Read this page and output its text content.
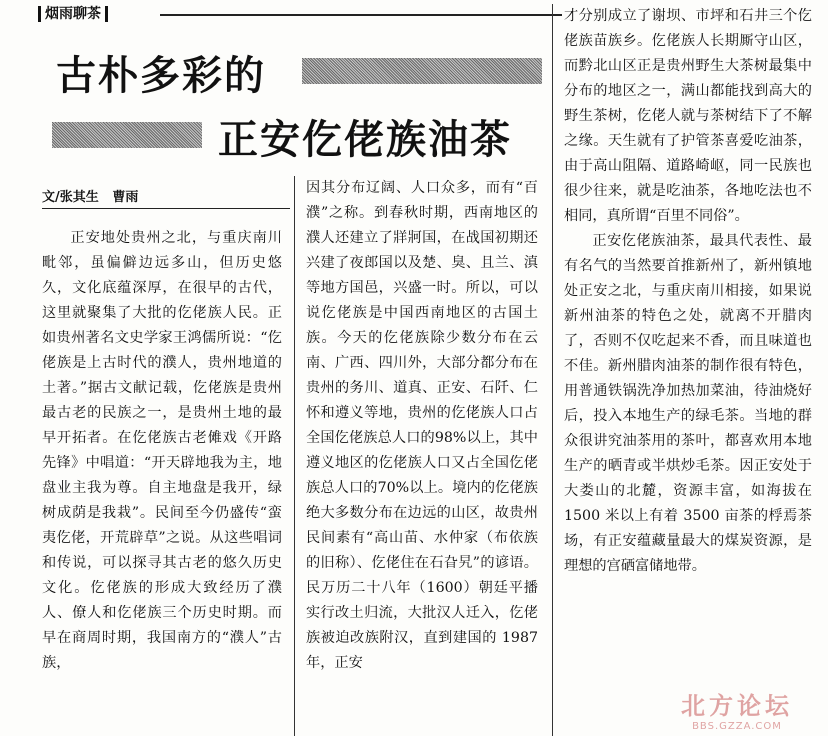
烟雨聊茶
古朴多彩的
正安仡佬族油茶
文/张其生   曹雨

正安地处贵州之北，与重庆南川毗邻，虽偏僻边远多山，但历史悠久，文化底蕴深厚，在很早的古代，这里就聚集了大批的仡佬族人民。正如贵州著名文史学家王鸿儒所说：“仡佬族是上古时代的濮人，贵州地道的土著。”据古文献记载，仡佬族是贵州最古老的民族之一，是贵州土地的最早开拓者。在仡佬族古老傩戏《开路先锋》中唱道：“开天辟地我为主，地盘业主我为尊。自主地盘是我开，绿树成荫是我栽”。民间至今仍盛传“蛮夷仡佬，开荒辟草”之说。从这些唱词和传说，可以探寻其古老的悠久历史文化。仡佬族的形成大致经历了濮人、僚人和仡佬族三个历史时期。而早在商周时期，我国南方的“濮人”古族，

因其分布辽阔、人口众多，而有“百濮”之称。到春秋时期，西南地区的濮人还建立了牂牁国，在战国初期还兴建了夜郎国以及楚、臭、且兰、滇等地方国邑，兴盛一时。所以，可以说仡佬族是中国西南地区的古国土族。今天的仡佬族除少数分布在云南、广西、四川外，大部分都分布在贵州的务川、道真、正安、石阡、仁怀和遵义等地，贵州的仡佬族人口占全国仡佬族总人口的98%以上，其中遵义地区的仡佬族人口又占全国仡佬族总人口的70%以上。境内的仡佬族绝大多数分布在边远的山区，故贵州民间素有“高山苗、水仲家（布依族的旧称）、仡佬住在石旮旯”的谚语。民万历二十八年（1600）朝廷平播实行改土归流，大批汉人迁入，仡佬族被迫改族附汉，直到建国的 1987 年，正安

才分别成立了谢坝、市坪和石井三个仡佬族苗族乡。仡佬族人长期厮守山区，而黔北山区正是贵州野生大茶树最集中分布的地区之一，满山都能找到高大的野生茶树，仡佬人就与茶树结下了不解之缘。天生就有了护管茶喜爱吃油茶，由于高山阻隔、道路崎岖，同一民族也很少往来，就是吃油茶，各地吃法也不相同，真所谓“百里不同俗”。

正安仡佬族油茶，最具代表性、最有名气的当然要首推新州了，新州镇地处正安之北，与重庆南川相接，如果说新州油茶的特色之处，就离不开腊肉了，否则不仅吃起来不香，而且味道也不佳。新州腊肉油茶的制作很有特色，用普通铁锅洗净加热加菜油，待油烧好后，投入本地生产的绿毛茶。当地的群众很讲究油茶用的茶叶，都喜欢用本地生产的晒青或半烘炒毛茶。因正安处于大娄山的北麓，资源丰富，如海拔在 1500 米以上有着 3500 亩茶的桴焉茶场，有正安蕴藏量最大的煤炭资源，是理想的宫硒富储地带。

北方论坛
BBS.GZZA.COM
